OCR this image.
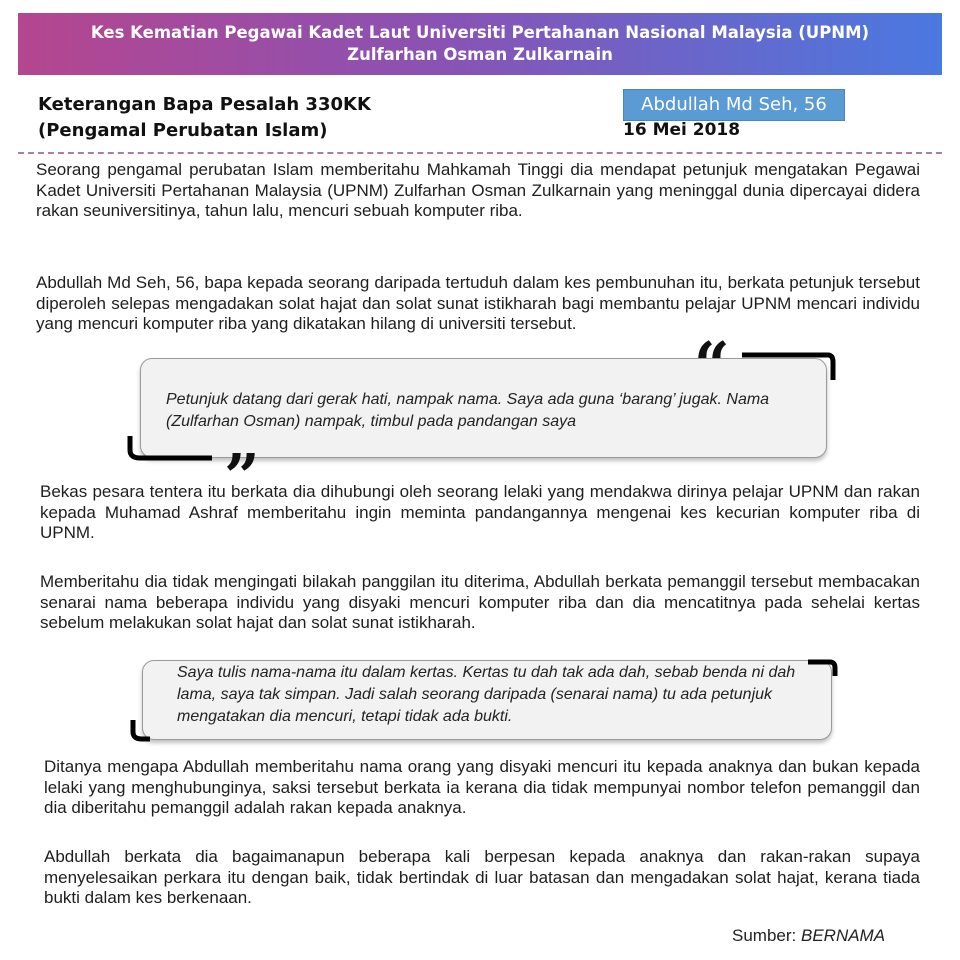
Kes Kematian Pegawai Kadet Laut Universiti Pertahanan Nasional Malaysia (UPNM)
Zulfarhan Osman Zulkarnain
Keterangan Bapa Pesalah 330KK
(Pengamal Perubatan Islam)
Abdullah Md Seh, 56
16 Mei 2018

Seorang pengamal perubatan Islam memberitahu Mahkamah Tinggi dia mendapat petunjuk mengatakan Pegawai Kadet Universiti Pertahanan Malaysia (UPNM) Zulfarhan Osman Zulkarnain yang meninggal dunia dipercayai didera rakan seuniversitinya, tahun lalu, mencuri sebuah komputer riba.

Abdullah Md Seh, 56, bapa kepada seorang daripada tertuduh dalam kes pembunuhan itu, berkata petunjuk tersebut diperoleh selepas mengadakan solat hajat dan solat sunat istikharah bagi membantu pelajar UPNM mencari individu yang mencuri komputer riba yang dikatakan hilang di universiti tersebut.

Petunjuk datang dari gerak hati, nampak nama. Saya ada guna ‘barang’ jugak. Nama (Zulfarhan Osman) nampak, timbul pada pandangan saya

“
”

Bekas pesara tentera itu berkata dia dihubungi oleh seorang lelaki yang mendakwa dirinya pelajar UPNM dan rakan kepada Muhamad Ashraf memberitahu ingin meminta pandangannya mengenai kes kecurian komputer riba di UPNM.

Memberitahu dia tidak mengingati bilakah panggilan itu diterima, Abdullah berkata pemanggil tersebut membacakan senarai nama beberapa individu yang disyaki mencuri komputer riba dan dia mencatitnya pada sehelai kertas sebelum melakukan solat hajat dan solat sunat istikharah.

Saya tulis nama-nama itu dalam kertas. Kertas tu dah tak ada dah, sebab benda ni dah lama, saya tak simpan. Jadi salah seorang daripada (senarai nama) tu ada petunjuk mengatakan dia mencuri, tetapi tidak ada bukti.

Ditanya mengapa Abdullah memberitahu nama orang yang disyaki mencuri itu kepada anaknya dan bukan kepada lelaki yang menghubunginya, saksi tersebut berkata ia kerana dia tidak mempunyai nombor telefon pemanggil dan dia diberitahu pemanggil adalah rakan kepada anaknya.

Abdullah berkata dia bagaimanapun beberapa kali berpesan kepada anaknya dan rakan-rakan supaya menyelesaikan perkara itu dengan baik, tidak bertindak di luar batasan dan mengadakan solat hajat, kerana tiada bukti dalam kes berkenaan.

Sumber: BERNAMA
